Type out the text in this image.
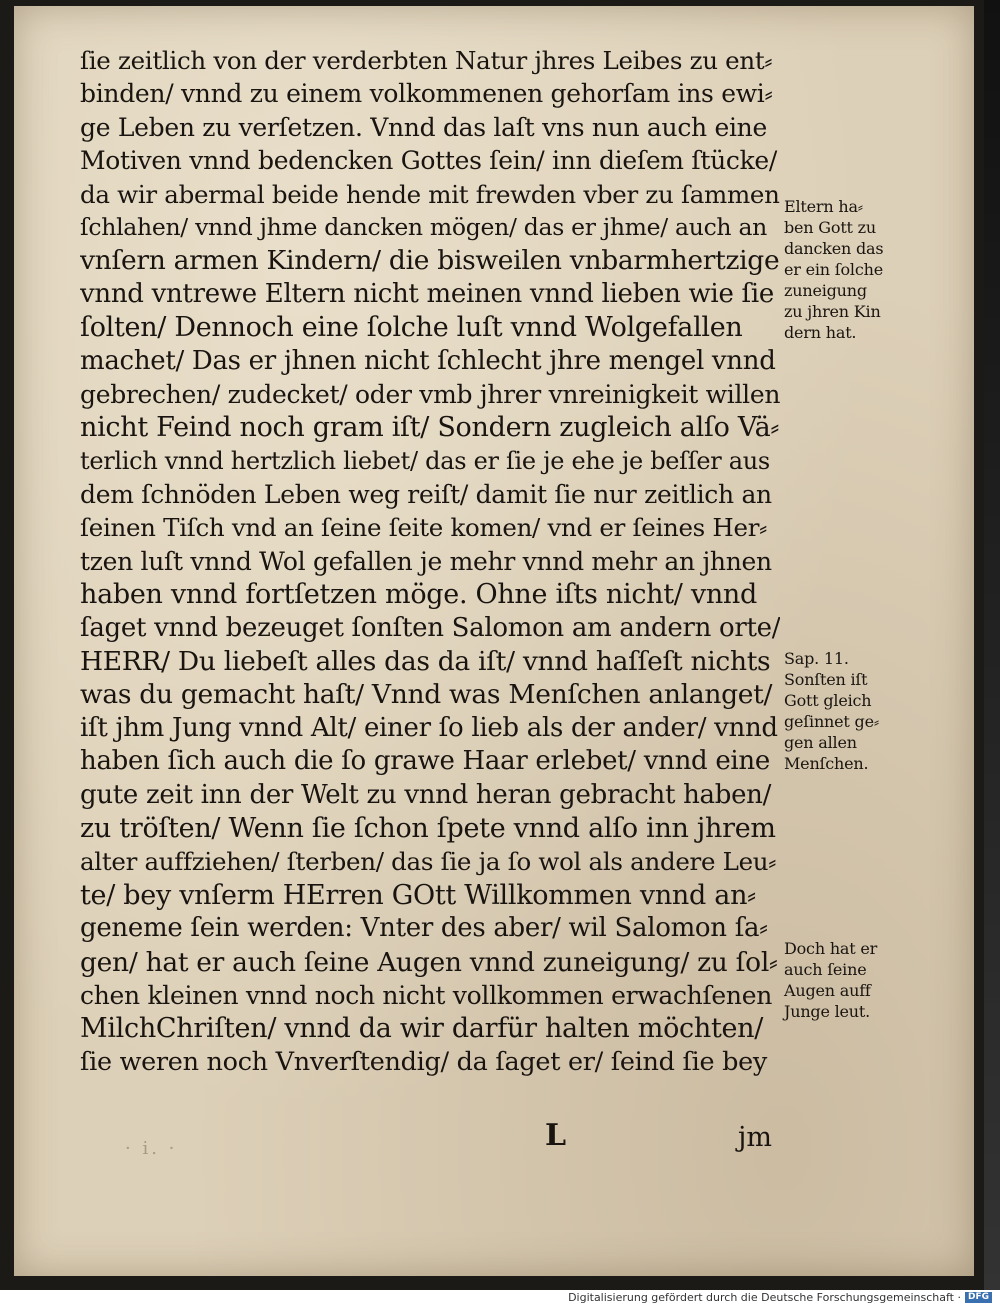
ſie zeitlich von der verderbten Natur jhres Leibes zu ent⸗
binden/ vnnd zu einem volkommenen gehorſam ins ewi⸗
ge Leben zu verſetzen. Vnnd das laſt vns nun auch eine
Motiven vnnd bedencken Gottes ſein/ inn dieſem ſtücke/
da wir abermal beide hende mit frewden vber zu ſammen
ſchlahen/ vnnd jhme dancken mögen/ das er jhme/ auch an
vnſern armen Kindern/ die bisweilen vnbarmhertzige
vnnd vntrewe Eltern nicht meinen vnnd lieben wie ſie
ſolten/ Dennoch eine ſolche luſt vnnd Wolgefallen
machet/ Das er jhnen nicht ſchlecht jhre mengel vnnd
gebrechen/ zudecket/ oder vmb jhrer vnreinigkeit willen
nicht Feind noch gram iſt/ Sondern zugleich alſo Vä⸗
terlich vnnd hertzlich liebet/ das er ſie je ehe je beſſer aus
dem ſchnöden Leben weg reiſt/ damit ſie nur zeitlich an
ſeinen Tiſch vnd an ſeine ſeite komen/ vnd er ſeines Her⸗
tzen luſt vnnd Wol gefallen je mehr vnnd mehr an jhnen
haben vnnd fortſetzen möge. Ohne iſts nicht/ vnnd
ſaget vnnd bezeuget ſonſten Salomon am andern orte/
HERR/ Du liebeſt alles das da iſt/ vnnd haſſeſt nichts
was du gemacht haſt/ Vnnd was Menſchen anlanget/
iſt jhm Jung vnnd Alt/ einer ſo lieb als der ander/ vnnd
haben ſich auch die ſo grawe Haar erlebet/ vnnd eine
gute zeit inn der Welt zu vnnd heran gebracht haben/
zu tröſten/ Wenn ſie ſchon ſpete vnnd alſo inn jhrem
alter auffziehen/ ſterben/ das ſie ja ſo wol als andere Leu⸗
te/ bey vnſerm HErren GOtt Willkommen vnnd an⸗
geneme ſein werden: Vnter des aber/ wil Salomon ſa⸗
gen/ hat er auch ſeine Augen vnnd zuneigung/ zu ſol⸗
chen kleinen vnnd noch nicht vollkommen erwachſenen
MilchChriſten/ vnnd da wir darfür halten möchten/
ſie weren noch Vnverſtendig/ da ſaget er/ ſeind ſie bey
Eltern ha⸗
ben Gott zu
dancken das
er ein ſolche
zuneigung
zu jhren Kin
dern hat.
Sap. 11.
Sonſten iſt
Gott gleich
geſinnet ge⸗
gen allen
Menſchen.
Doch hat er
auch ſeine
Augen auff
Junge leut.
· i. ·	L	jm
Digitalisierung gefördert durch die Deutsche Forschungsgemeinschaft · DFG
